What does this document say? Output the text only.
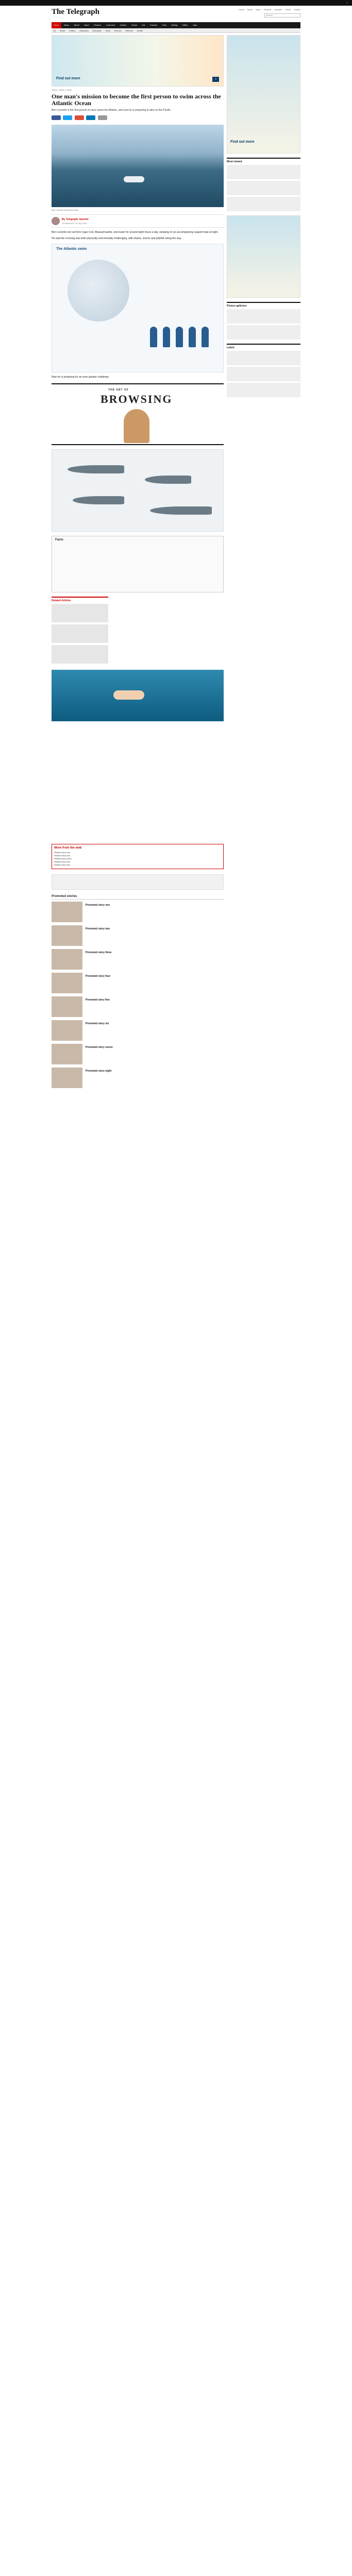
≡
The Telegraph	Home News Sport Finance Lifestyle Travel Culture
Search
Home News World Sport Finance Comment Culture Travel Life Fashion Tech Dating Offers Jobs
UK World Politics Obituaries Education Earth Science Defence Health
Find out more	>
Home » News » Earth
One man's mission to become the first person to swim across the Atlantic Ocean
Ben Lecomte is the first person to have swum the Atlantic, and now he is preparing to take on the Pacific.

Ben Lecomte during his swim
By Telegraph reporter
10:00AM BST 24 Sep 2015

Ben Lecomte set out from Cape Cod, Massachusetts, and swam for around eight hours a day, sleeping on an accompanying support boat at night.

He said the crossing was both physically and mentally challenging, with sharks, storms and jellyfish along the way.

The Atlantic swim

Now he is preparing for an even greater challenge.

THE ART OF
BROWSING
Facts
Related Articles
More from the web
Related story one
Related story two
Related story three
Related story four
Related story five
Promoted stories
Promoted story one
Promoted story two
Promoted story three
Promoted story four
Promoted story five
Promoted story six
Promoted story seven
Promoted story eight
Find out more
Most viewed
Picture galleries
Latest
